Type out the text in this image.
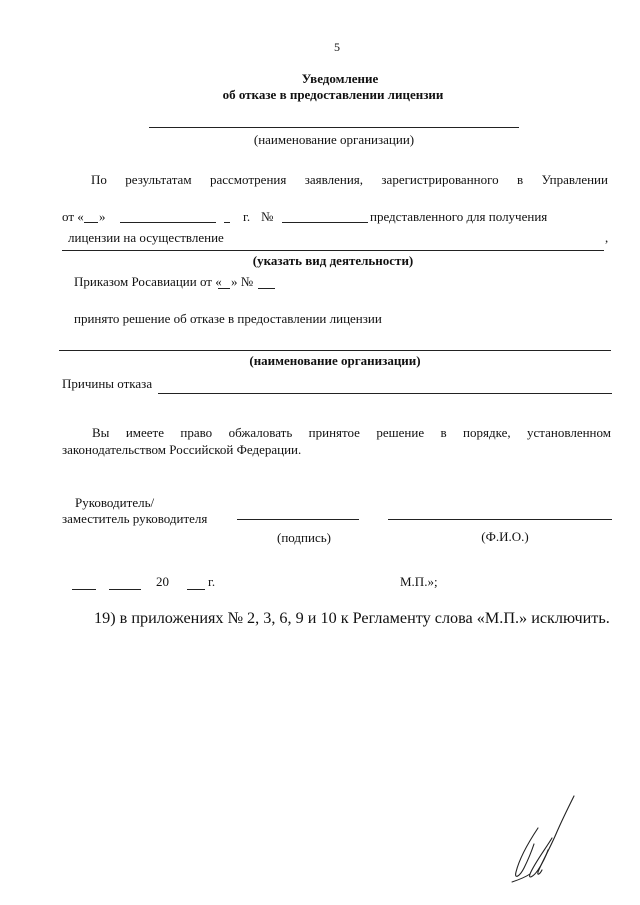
5
Уведомление
об отказе в предоставлении лицензии
(наименование организации)
По результатам рассмотрения заявления, зарегистрированного в Управлении
от « »	г. №	представленного для получения
лицензии на осуществление	,
(указать вид деятельности)
Приказом Росавиации от « » №
принято решение об отказе в предоставлении лицензии
(наименование организации)
Причины отказа
Вы имеете право обжаловать принятое решение в порядке, установленном
законодательством Российской Федерации.
Руководитель/
заместитель руководителя
(подпись)	(Ф.И.О.)
20	г.	М.П.»;
19) в приложениях № 2, 3, 6, 9 и 10 к Регламенту слова «М.П.» исключить.
